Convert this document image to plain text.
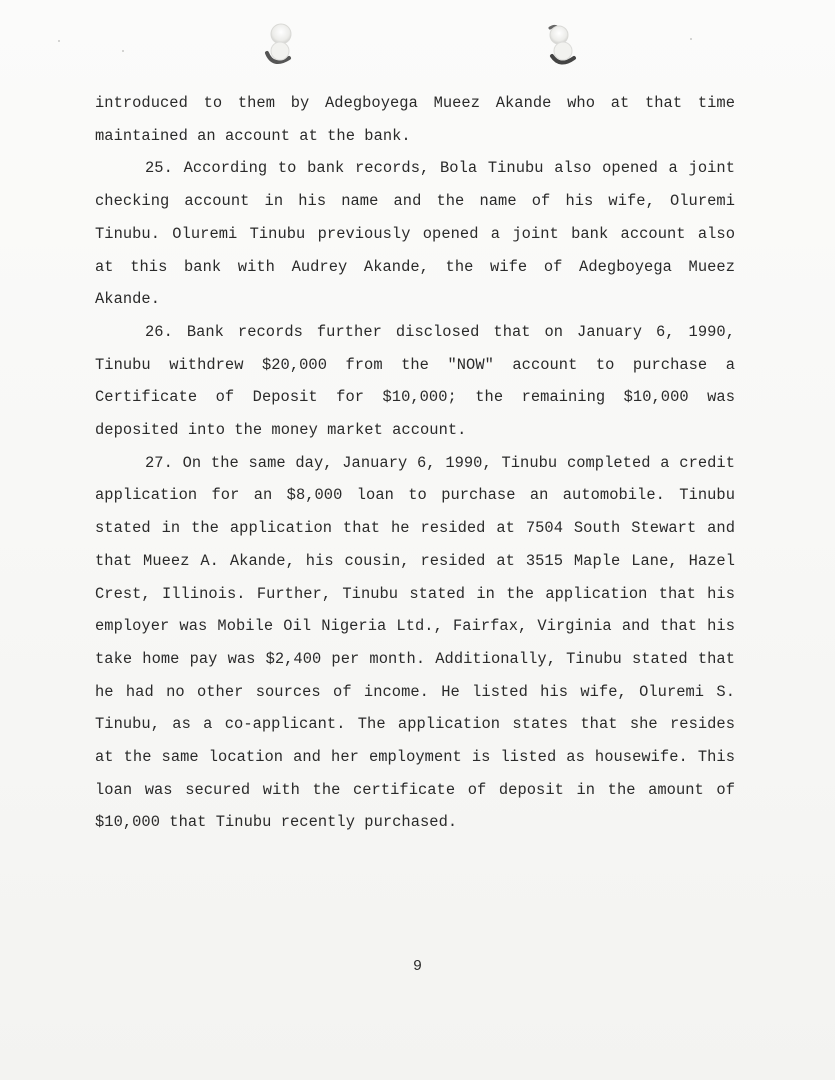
introduced to them by Adegboyega Mueez Akande who at that time maintained an account at the bank.

25. According to bank records, Bola Tinubu also opened a joint checking account in his name and the name of his wife, Oluremi Tinubu. Oluremi Tinubu previously opened a joint bank account also at this bank with Audrey Akande, the wife of Adegboyega Mueez Akande.

26. Bank records further disclosed that on January 6, 1990, Tinubu withdrew $20,000 from the "NOW" account to purchase a Certificate of Deposit for $10,000; the remaining $10,000 was deposited into the money market account.

27. On the same day, January 6, 1990, Tinubu completed a credit application for an $8,000 loan to purchase an automobile. Tinubu stated in the application that he resided at 7504 South Stewart and that Mueez A. Akande, his cousin, resided at 3515 Maple Lane, Hazel Crest, Illinois. Further, Tinubu stated in the application that his employer was Mobile Oil Nigeria Ltd., Fairfax, Virginia and that his take home pay was $2,400 per month. Additionally, Tinubu stated that he had no other sources of income. He listed his wife, Oluremi S. Tinubu, as a co-applicant. The application states that she resides at the same location and her employment is listed as housewife. This loan was secured with the certificate of deposit in the amount of $10,000 that Tinubu recently purchased.

9
